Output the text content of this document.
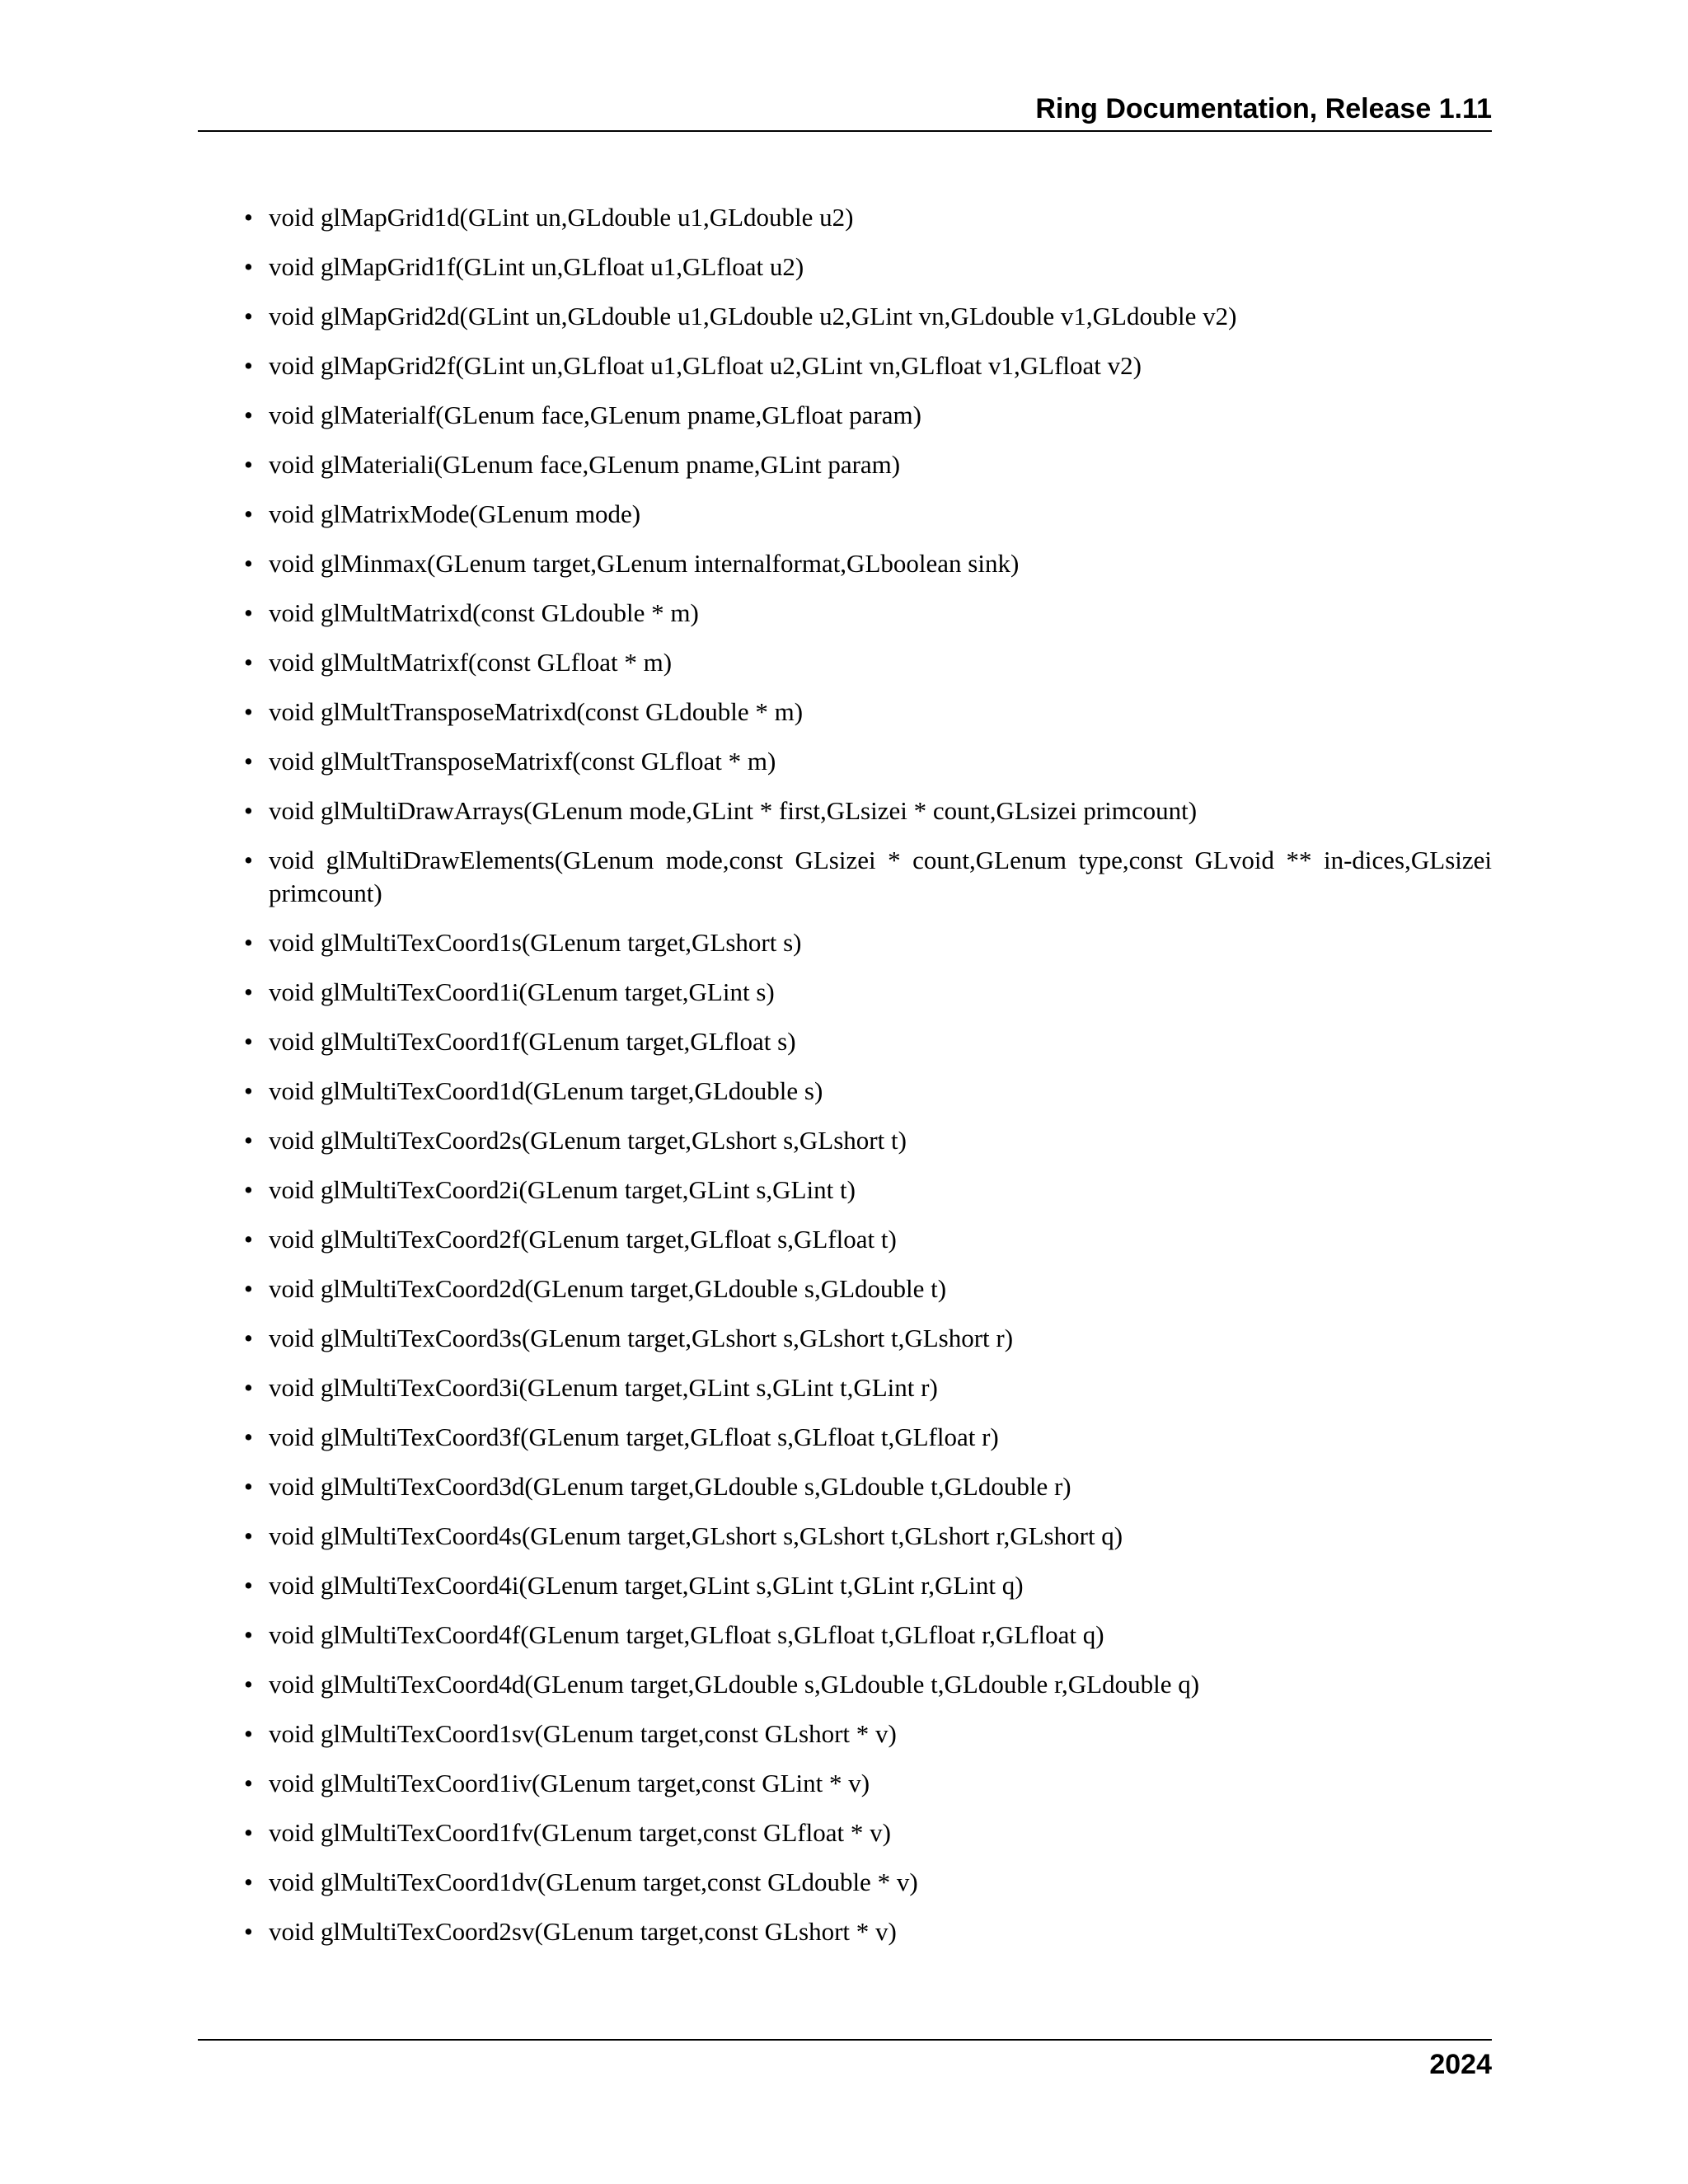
Ring Documentation, Release 1.11
• void glMapGrid1d(GLint un,GLdouble u1,GLdouble u2)
• void glMapGrid1f(GLint un,GLfloat u1,GLfloat u2)
• void glMapGrid2d(GLint un,GLdouble u1,GLdouble u2,GLint vn,GLdouble v1,GLdouble v2)
• void glMapGrid2f(GLint un,GLfloat u1,GLfloat u2,GLint vn,GLfloat v1,GLfloat v2)
• void glMaterialf(GLenum face,GLenum pname,GLfloat param)
• void glMateriali(GLenum face,GLenum pname,GLint param)
• void glMatrixMode(GLenum mode)
• void glMinmax(GLenum target,GLenum internalformat,GLboolean sink)
• void glMultMatrixd(const GLdouble * m)
• void glMultMatrixf(const GLfloat * m)
• void glMultTransposeMatrixd(const GLdouble * m)
• void glMultTransposeMatrixf(const GLfloat * m)
• void glMultiDrawArrays(GLenum mode,GLint * first,GLsizei * count,GLsizei primcount)
• void glMultiDrawElements(GLenum mode,const GLsizei * count,GLenum type,const GLvoid ** in-dices,GLsizei primcount)
• void glMultiTexCoord1s(GLenum target,GLshort s)
• void glMultiTexCoord1i(GLenum target,GLint s)
• void glMultiTexCoord1f(GLenum target,GLfloat s)
• void glMultiTexCoord1d(GLenum target,GLdouble s)
• void glMultiTexCoord2s(GLenum target,GLshort s,GLshort t)
• void glMultiTexCoord2i(GLenum target,GLint s,GLint t)
• void glMultiTexCoord2f(GLenum target,GLfloat s,GLfloat t)
• void glMultiTexCoord2d(GLenum target,GLdouble s,GLdouble t)
• void glMultiTexCoord3s(GLenum target,GLshort s,GLshort t,GLshort r)
• void glMultiTexCoord3i(GLenum target,GLint s,GLint t,GLint r)
• void glMultiTexCoord3f(GLenum target,GLfloat s,GLfloat t,GLfloat r)
• void glMultiTexCoord3d(GLenum target,GLdouble s,GLdouble t,GLdouble r)
• void glMultiTexCoord4s(GLenum target,GLshort s,GLshort t,GLshort r,GLshort q)
• void glMultiTexCoord4i(GLenum target,GLint s,GLint t,GLint r,GLint q)
• void glMultiTexCoord4f(GLenum target,GLfloat s,GLfloat t,GLfloat r,GLfloat q)
• void glMultiTexCoord4d(GLenum target,GLdouble s,GLdouble t,GLdouble r,GLdouble q)
• void glMultiTexCoord1sv(GLenum target,const GLshort * v)
• void glMultiTexCoord1iv(GLenum target,const GLint * v)
• void glMultiTexCoord1fv(GLenum target,const GLfloat * v)
• void glMultiTexCoord1dv(GLenum target,const GLdouble * v)
• void glMultiTexCoord2sv(GLenum target,const GLshort * v)
2024
